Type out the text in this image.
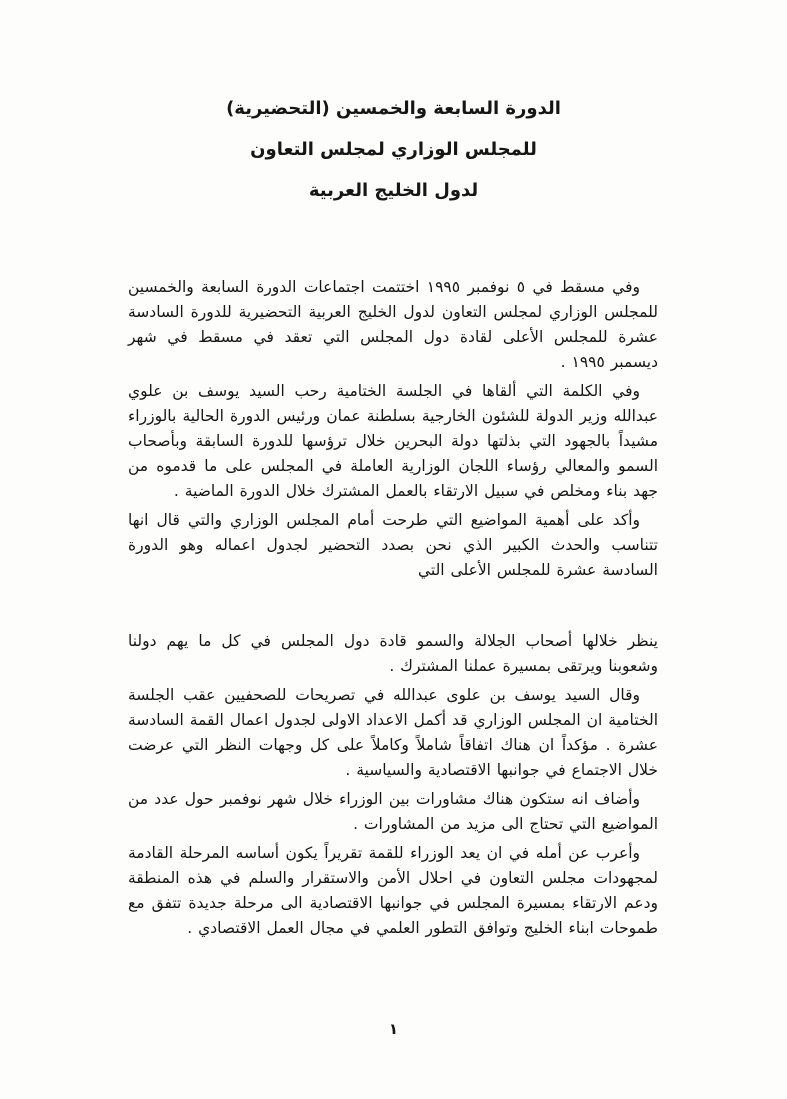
الدورة السابعة والخمسين (التحضيرية)
للمجلس الوزاري لمجلس التعاون
لدول الخليج العربية

وفي مسقط في ٥ نوفمبر ١٩٩٥ اختتمت اجتماعات الدورة السابعة والخمسين للمجلس الوزاري لمجلس التعاون لدول الخليج العربية التحضيرية للدورة السادسة عشرة للمجلس الأعلى لقادة دول المجلس التي تعقد في مسقط في شهر ديسمبر ١٩٩٥ .

وفي الكلمة التي ألقاها في الجلسة الختامية رحب السيد يوسف بن علوي عبدالله وزير الدولة للشئون الخارجية بسلطنة عمان ورئيس الدورة الحالية بالوزراء مشيداً بالجهود التي بذلتها دولة البحرين خلال ترؤسها للدورة السابقة وبأصحاب السمو والمعالي رؤساء اللجان الوزارية العاملة في المجلس على ما قدموه من جهد بناء ومخلص في سبيل الارتقاء بالعمل المشترك خلال الدورة الماضية .

وأكد على أهمية المواضيع التي طرحت أمام المجلس الوزاري والتي قال انها تتناسب والحدث الكبير الذي نحن بصدد التحضير لجدول اعماله وهو الدورة السادسة عشرة للمجلس الأعلى التي

ينظر خلالها أصحاب الجلالة والسمو قادة دول المجلس في كل ما يهم دولنا وشعوبنا ويرتقى بمسيرة عملنا المشترك .

وقال السيد يوسف بن علوى عبدالله في تصريحات للصحفيين عقب الجلسة الختامية ان المجلس الوزاري قد أكمل الاعداد الاولى لجدول اعمال القمة السادسة عشرة . مؤكداً ان هناك اتفاقاً شاملاً وكاملاً على كل وجهات النظر التي عرضت خلال الاجتماع في جوانبها الاقتصادية والسياسية .

وأضاف انه ستكون هناك مشاورات بين الوزراء خلال شهر نوفمبر حول عدد من المواضيع التي تحتاج الى مزيد من المشاورات .

وأعرب عن أمله في ان يعد الوزراء للقمة تقريراً يكون أساسه المرحلة القادمة لمجهودات مجلس التعاون في احلال الأمن والاستقرار والسلم في هذه المنطقة ودعم الارتقاء بمسيرة المجلس في جوانبها الاقتصادية الى مرحلة جديدة تتفق مع طموحات ابناء الخليج وتوافق التطور العلمي في مجال العمل الاقتصادي .

١
